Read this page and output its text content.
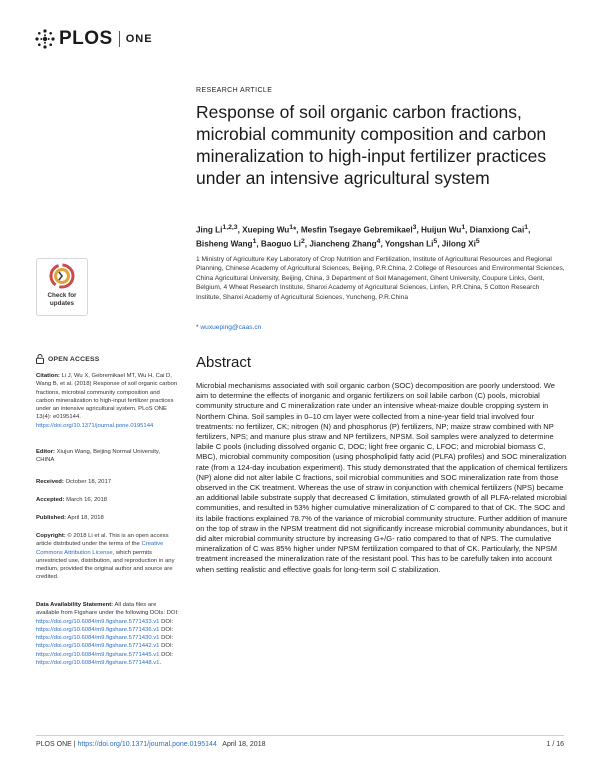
PLOS ONE
RESEARCH ARTICLE
Response of soil organic carbon fractions, microbial community composition and carbon mineralization to high-input fertilizer practices under an intensive agricultural system
Jing Li$^{1,2,3}$, Xueping Wu$^1$*, Mesfin Tsegaye Gebremikael$^3$, Huijun Wu$^1$, Dianxiong Cai$^1$,
Bisheng Wang$^1$, Baoguo Li$^2$, Jiancheng Zhang$^4$, Yongshan Li$^5$, Jilong Xi$^5$
1 Ministry of Agriculture Key Laboratory of Crop Nutrition and Fertilization, Institute of Agricultural Resources and Regional Planning, Chinese Academy of Agricultural Sciences, Beijing, P.R.China, 2 College of Resources and Environmental Sciences, China Agricultural University, Beijing, China, 3 Department of Soil Management, Ghent University, Coupure Links, Gent, Belgium, 4 Wheat Research Institute, Shanxi Academy of Agricultural Sciences, Linfen, P.R.China, 5 Cotton Research Institute, Shanxi Academy of Agricultural Sciences, Yuncheng, P.R.China
* wuxueping@caas.cn
Abstract
Microbial mechanisms associated with soil organic carbon (SOC) decomposition are poorly understood. We aim to determine the effects of inorganic and organic fertilizers on soil labile carbon (C) pools, microbial community structure and C mineralization rate under an intensive wheat-maize double cropping system in Northern China. Soil samples in 0–10 cm layer were collected from a nine-year field trial involved four treatments: no fertilizer, CK; nitrogen (N) and phosphorus (P) fertilizers, NP; maize straw combined with NP fertilizers, NPS; and manure plus straw and NP fertilizers, NPSM. Soil samples were analyzed to determine labile C pools (including dissolved organic C, DOC; light free organic C, LFOC; and microbial biomass C, MBC), microbial community composition (using phospholipid fatty acid (PLFA) profiles) and SOC mineralization rate (from a 124-day incubation experiment). This study demonstrated that the application of chemical fertilizers (NP) alone did not alter labile C fractions, soil microbial communities and SOC mineralization rate from those observed in the CK treatment. Whereas the use of straw in conjunction with chemical fertilizers (NPS) became an additional labile substrate supply that decreased C limitation, stimulated growth of all PLFA-related microbial communities, and resulted in 53% higher cumulative mineralization of C compared to that of CK. The SOC and its labile fractions explained 78.7% of the variance of microbial community structure. Further addition of manure on the top of straw in the NPSM treatment did not significantly increase microbial community abundances, but it did alter microbial community structure by increasing G+/G- ratio compared to that of NPS. The cumulative mineralization of C was 85% higher under NPSM fertilization compared to that of CK. Particularly, the NPSM treatment increased the mineralization rate of the resistant pool. This has to be carefully taken into account when setting realistic and effective goals for long-term soil C stabilization.
Check for
updates
OPEN ACCESS
Citation: Li J, Wu X, Gebremikael MT, Wu H, Cai D, Wang B, et al. (2018) Response of soil organic carbon fractions, microbial community composition and carbon mineralization to high-input fertilizer practices under an intensive agricultural system. PLoS ONE 13(4): e0195144. https://doi.org/10.1371/journal.pone.0195144
Editor: Xiujun Wang, Beijing Normal University, CHINA
Received: October 18, 2017
Accepted: March 16, 2018
Published: April 18, 2018
Copyright: © 2018 Li et al. This is an open access article distributed under the terms of the Creative Commons Attribution License, which permits unrestricted use, distribution, and reproduction in any medium, provided the original author and source are credited.
Data Availability Statement: All data files are available from Figshare under the following DOIs: DOI: https://doi.org/10.6084/m9.figshare.5771433.v1 DOI: https://doi.org/10.6084/m9.figshare.5771436.v1 DOI: https://doi.org/10.6084/m9.figshare.5771430.v1 DOI: https://doi.org/10.6084/m9.figshare.5771442.v1 DOI: https://doi.org/10.6084/m9.figshare.5771445.v1 DOI: https://doi.org/10.6084/m9.figshare.5771448.v1.
PLOS ONE | https://doi.org/10.1371/journal.pone.0195144   April 18, 2018	1 / 16
